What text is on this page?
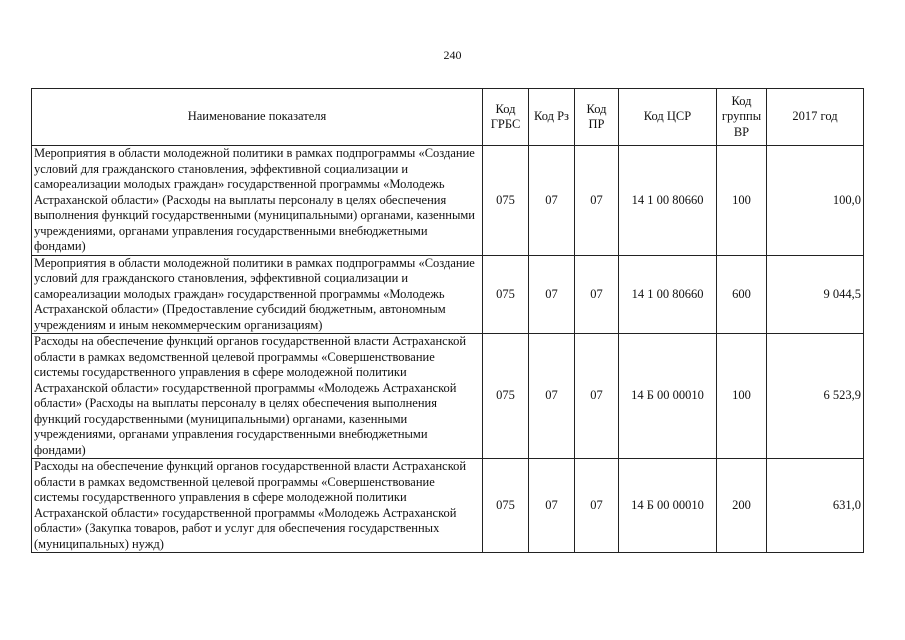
240
Наименование показателя	Код ГРБС	Код Рз	Код ПР	Код ЦСР	Код группы ВР	2017 год
Мероприятия в области молодежной политики в рамках подпрограммы «Создание условий для гражданского становления, эффективной социализации и самореализации молодых граждан» государственной программы «Молодежь Астраханской области» (Расходы на выплаты персоналу в целях обеспечения выполнения функций государственными (муниципальными) органами, казенными учреждениями, органами управления государственными внебюджетными фондами)	075	07	07	14 1 00 80660	100	100,0
Мероприятия в области молодежной политики в рамках подпрограммы «Создание условий для гражданского становления, эффективной социализации и самореализации молодых граждан» государственной программы «Молодежь Астраханской области» (Предоставление субсидий бюджетным, автономным учреждениям и иным некоммерческим организациям)	075	07	07	14 1 00 80660	600	9 044,5
Расходы на обеспечение функций органов государственной власти Астраханской области в рамках ведомственной целевой программы «Совершенствование системы государственного управления в сфере молодежной политики Астраханской области» государственной программы «Молодежь Астраханской области» (Расходы на выплаты персоналу в целях обеспечения выполнения функций государственными (муниципальными) органами, казенными учреждениями, органами управления государственными внебюджетными фондами)	075	07	07	14 Б 00 00010	100	6 523,9
Расходы на обеспечение функций органов государственной власти Астраханской области в рамках ведомственной целевой программы «Совершенствование системы государственного управления в сфере молодежной политики Астраханской области» государственной программы «Молодежь Астраханской области» (Закупка товаров, работ и услуг для обеспечения государственных (муниципальных) нужд)	075	07	07	14 Б 00 00010	200	631,0
